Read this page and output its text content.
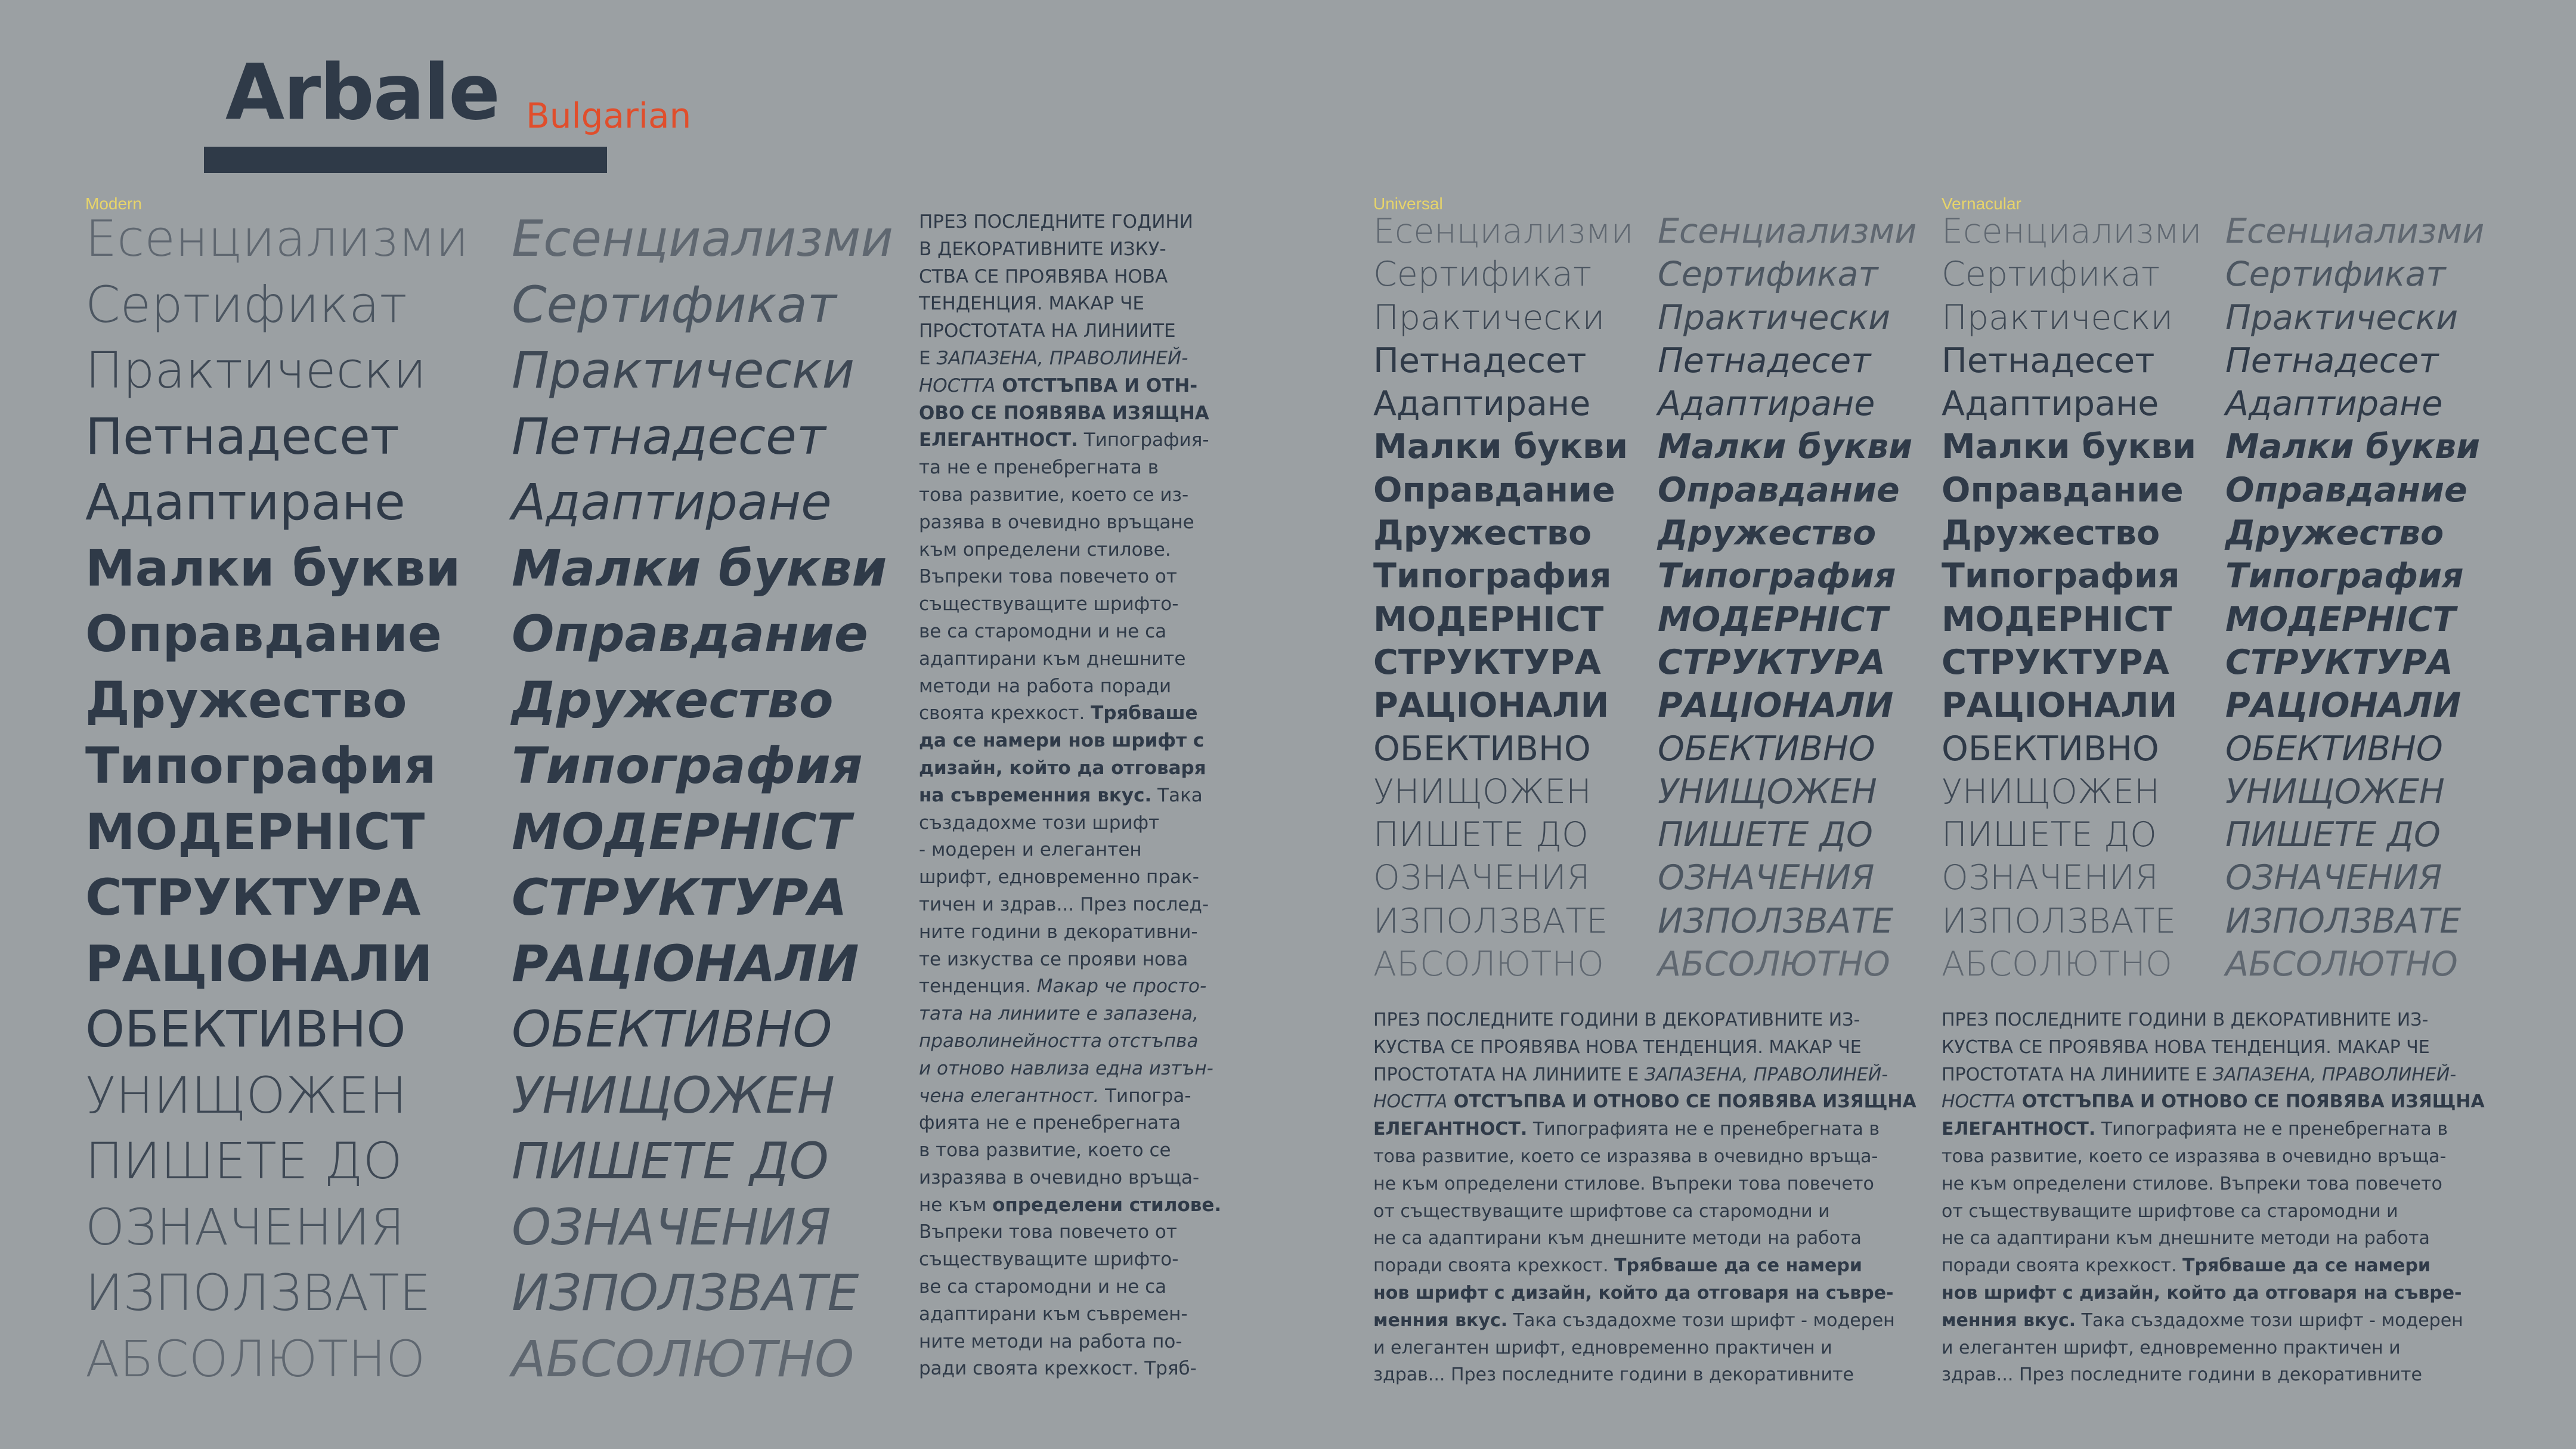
Arbale Bulgarian
Modern	Universal	Vernacular
Есенциализми
Сертификат
Практически
Петнадесет
Адаптиране
Малки букви
Оправдание
Дружество
Типография
МОДЕРНІСТ
СТРУКТУРА
РАЦІОНАЛИ
ОБЕКТИВНО
УНИЩОЖЕН
ПИШЕТЕ ДО
ОЗНАЧЕНИЯ
ИЗПОЛЗВАТЕ
АБСОЛЮТНО
Есенциализми
Сертификат
Практически
Петнадесет
Адаптиране
Малки букви
Оправдание
Дружество
Типография
МОДЕРНІСТ
СТРУКТУРА
РАЦІОНАЛИ
ОБЕКТИВНО
УНИЩОЖЕН
ПИШЕТЕ ДО
ОЗНАЧЕНИЯ
ИЗПОЛЗВАТЕ
АБСОЛЮТНО
ПРЕЗ ПОСЛЕДНИТЕ ГОДИНИ
В ДЕКОРАТИВНИТЕ ИЗКУ-
СТВА СЕ ПРОЯВЯВА НОВА
ТЕНДЕНЦИЯ. МАКАР ЧЕ
ПРОСТОТАТА НА ЛИНИИТЕ
Е ЗАПАЗЕНА, ПРАВОЛИНЕЙ-
НОСТТА ОТСТЪПВА И ОТН-
ОВО СЕ ПОЯВЯВА ИЗЯЩНА
ЕЛЕГАНТНОСТ. Типография-
та не е пренебрегната в
това развитие, което се из-
разява в очевидно връщане
към определени стилове.
Въпреки това повечето от
съществуващите шрифто-
ве са старомодни и не са
адаптирани към днешните
методи на работа поради
своята крехкост. Трябваше
да се намери нов шрифт с
дизайн, който да отговаря
на съвременния вкус. Така
създадохме този шрифт
- модерен и елегантен
шрифт, едновременно прак-
тичен и здрав... През послед-
ните години в декоративни-
те изкуства се прояви нова
тенденция. Макар че просто-
тата на линиите е запазена,
праволинейността отстъпва
и отново навлиза една изтън-
чена елегантност. Типогра-
фията не е пренебрегната
в това развитие, което се
изразява в очевидно връща-
не към определени стилове.
Въпреки това повечето от
съществуващите шрифто-
ве са старомодни и не са
адаптирани към съвремен-
ните методи на работа по-
ради своята крехкост. Тряб-
Есенциализми
Сертификат
Практически
Петнадесет
Адаптиране
Малки букви
Оправдание
Дружество
Типография
МОДЕРНІСТ
СТРУКТУРА
РАЦІОНАЛИ
ОБЕКТИВНО
УНИЩОЖЕН
ПИШЕТЕ ДО
ОЗНАЧЕНИЯ
ИЗПОЛЗВАТЕ
АБСОЛЮТНО
Есенциализми
Сертификат
Практически
Петнадесет
Адаптиране
Малки букви
Оправдание
Дружество
Типография
МОДЕРНІСТ
СТРУКТУРА
РАЦІОНАЛИ
ОБЕКТИВНО
УНИЩОЖЕН
ПИШЕТЕ ДО
ОЗНАЧЕНИЯ
ИЗПОЛЗВАТЕ
АБСОЛЮТНО
Есенциализми
Сертификат
Практически
Петнадесет
Адаптиране
Малки букви
Оправдание
Дружество
Типография
МОДЕРНІСТ
СТРУКТУРА
РАЦІОНАЛИ
ОБЕКТИВНО
УНИЩОЖЕН
ПИШЕТЕ ДО
ОЗНАЧЕНИЯ
ИЗПОЛЗВАТЕ
АБСОЛЮТНО
Есенциализми
Сертификат
Практически
Петнадесет
Адаптиране
Малки букви
Оправдание
Дружество
Типография
МОДЕРНІСТ
СТРУКТУРА
РАЦІОНАЛИ
ОБЕКТИВНО
УНИЩОЖЕН
ПИШЕТЕ ДО
ОЗНАЧЕНИЯ
ИЗПОЛЗВАТЕ
АБСОЛЮТНО
ПРЕЗ ПОСЛЕДНИТЕ ГОДИНИ В ДЕКОРАТИВНИТЕ ИЗ-
КУСТВА СЕ ПРОЯВЯВА НОВА ТЕНДЕНЦИЯ. МАКАР ЧЕ
ПРОСТОТАТА НА ЛИНИИТЕ Е ЗАПАЗЕНА, ПРАВОЛИНЕЙ-
НОСТТА ОТСТЪПВА И ОТНОВО СЕ ПОЯВЯВА ИЗЯЩНА
ЕЛЕГАНТНОСТ. Типографията не е пренебрегната в
това развитие, което се изразява в очевидно връща-
не към определени стилове. Въпреки това повечето
от съществуващите шрифтове са старомодни и
не са адаптирани към днешните методи на работа
поради своята крехкост. Трябваше да се намери
нов шрифт с дизайн, който да отговаря на съвре-
менния вкус. Така създадохме този шрифт - модерен
и елегантен шрифт, едновременно практичен и
здрав... През последните години в декоративните
ПРЕЗ ПОСЛЕДНИТЕ ГОДИНИ В ДЕКОРАТИВНИТЕ ИЗ-
КУСТВА СЕ ПРОЯВЯВА НОВА ТЕНДЕНЦИЯ. МАКАР ЧЕ
ПРОСТОТАТА НА ЛИНИИТЕ Е ЗАПАЗЕНА, ПРАВОЛИНЕЙ-
НОСТТА ОТСТЪПВА И ОТНОВО СЕ ПОЯВЯВА ИЗЯЩНА
ЕЛЕГАНТНОСТ. Типографията не е пренебрегната в
това развитие, което се изразява в очевидно връща-
не към определени стилове. Въпреки това повечето
от съществуващите шрифтове са старомодни и
не са адаптирани към днешните методи на работа
поради своята крехкост. Трябваше да се намери
нов шрифт с дизайн, който да отговаря на съвре-
менния вкус. Така създадохме този шрифт - модерен
и елегантен шрифт, едновременно практичен и
здрав... През последните години в декоративните
